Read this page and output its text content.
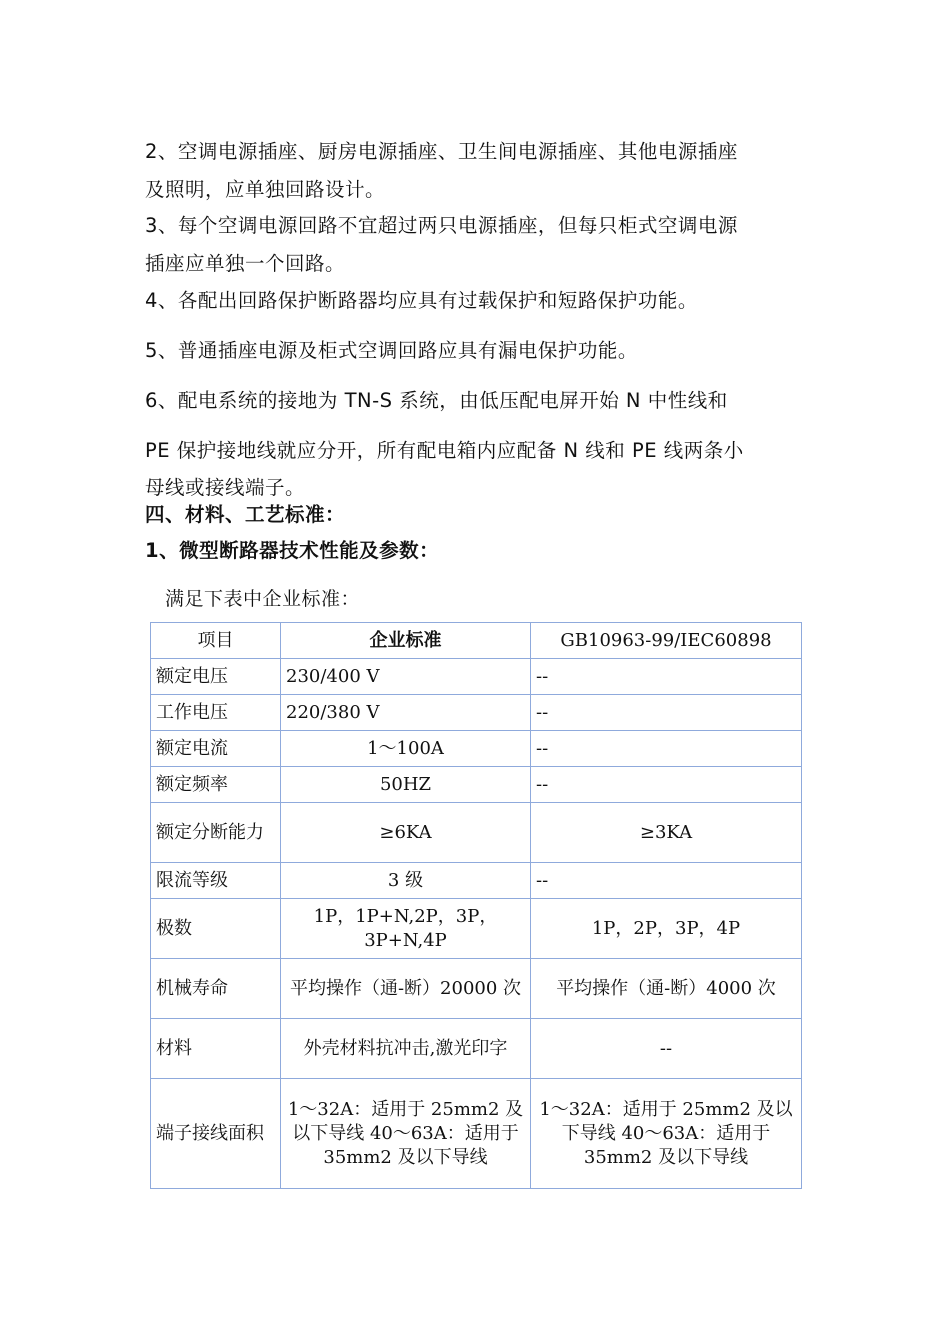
2、空调电源插座、厨房电源插座、卫生间电源插座、其他电源插座
及照明，应单独回路设计。
3、每个空调电源回路不宜超过两只电源插座，但每只柜式空调电源
插座应单独一个回路。
4、各配出回路保护断路器均应具有过载保护和短路保护功能。
5、普通插座电源及柜式空调回路应具有漏电保护功能。
6、配电系统的接地为 TN-S 系统，由低压配电屏开始 N 中性线和
PE 保护接地线就应分开，所有配电箱内应配备 N 线和 PE 线两条小
母线或接线端子。
四、材料、工艺标准：
1、微型断路器技术性能及参数：
满足下表中企业标准：
项目	企业标准	GB10963-99/IEC60898
额定电压	230/400 V	--
工作电压	220/380 V	--
额定电流	1～100A	--
额定频率	50HZ	--
额定分断能力	≥6KA	≥3KA
限流等级	3 级	--
极数	1P，1P+N,2P，3P，3P+N,4P	1P，2P，3P，4P
机械寿命	平均操作（通-断）20000 次	平均操作（通-断）4000 次
材料	外壳材料抗冲击,激光印字	--
端子接线面积	1～32A：适用于 25mm2 及以下导线 40～63A：适用于 35mm2 及以下导线	1～32A：适用于 25mm2 及以下导线 40～63A：适用于 35mm2 及以下导线
